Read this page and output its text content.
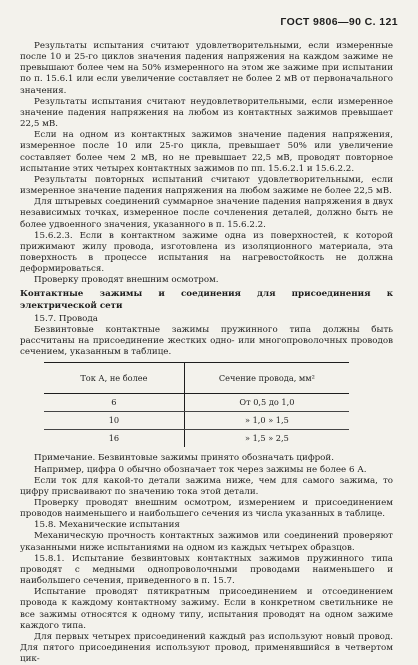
ГОСТ 9806—90 С. 121

Результаты испытания считают удовлетворительными, если измеренные после 10 и 25-го циклов значения падения напряжения на каждом зажиме не превышают более чем на 50% измеренного на этом же зажиме при испытании по п. 15.6.1 или если увеличение составляет не более 2 мВ от первоначального значения.

Результаты испытания считают неудовлетворительными, если измеренное значение падения напряжения на любом из контактных зажимов превышает 22,5 мВ.

Если на одном из контактных зажимов значение падения напряжения, измеренное после 10 или 25-го цикла, превышает 50% или увеличение составляет более чем 2 мВ, но не превышает 22,5 мВ, проводят повторное испытание этих четырех контактных зажимов по пп. 15.6.2.1 и 15.6.2.2.

Результаты повторных испытаний считают удовлетворительными, если измеренное значение падения напряжения на любом зажиме не более 22,5 мВ.

Для штыревых соединений суммарное значение падения напряжения в двух независимых точках, измеренное после сочленения деталей, должно быть не более удвоенного значения, указанного в п. 15.6.2.2.

15.6.2.3. Если в контактном зажиме одна из поверхностей, к которой прижимают жилу провода, изготовлена из изоляционного материала, эта поверхность в процессе испытания на нагревостойкость не должна деформироваться.

Проверку проводят внешним осмотром.

Контактные зажимы и соединения для присоединения к электрической сети

15.7. Провода

Безвинтовые контактные зажимы пружинного типа должны быть рассчитаны на присоединение жестких одно- или многопроволочных проводов сечением, указанным в таблице.

Ток А, не более	Сечение провода, мм²
6	От 0,5 до 1,0
10	» 1,0 » 1,5
16	» 1,5 » 2,5

Примечание. Безвинтовые зажимы принято обозначать цифрой.

Например, цифра 0 обычно обозначает ток через зажимы не более 6 А.

Если ток для какой-то детали зажима ниже, чем для самого зажима, то цифру присваивают по значению тока этой детали.

Проверку проводят внешним осмотром, измерением и присоединением проводов наименьшего и наибольшего сечения из числа указанных в таблице.

15.8. Механические испытания

Механическую прочность контактных зажимов или соединений проверяют указанными ниже испытаниями на одном из каждых четырех образцов.

15.8.1. Испытание безвинтовых контактных зажимов пружинного типа проводят с медными однопроволочными проводами наименьшего и наибольшего сечения, приведенного в п. 15.7.

Испытание проводят пятикратным присоединением и отсоединением провода к каждому контактному зажиму. Если в конкретном светильнике не все зажимы относятся к одному типу, испытания проводят на одном зажиме каждого типа.

Для первых четырех присоединений каждый раз используют новый провод. Для пятого присоединения используют провод, применявшийся в четвертом цик-
